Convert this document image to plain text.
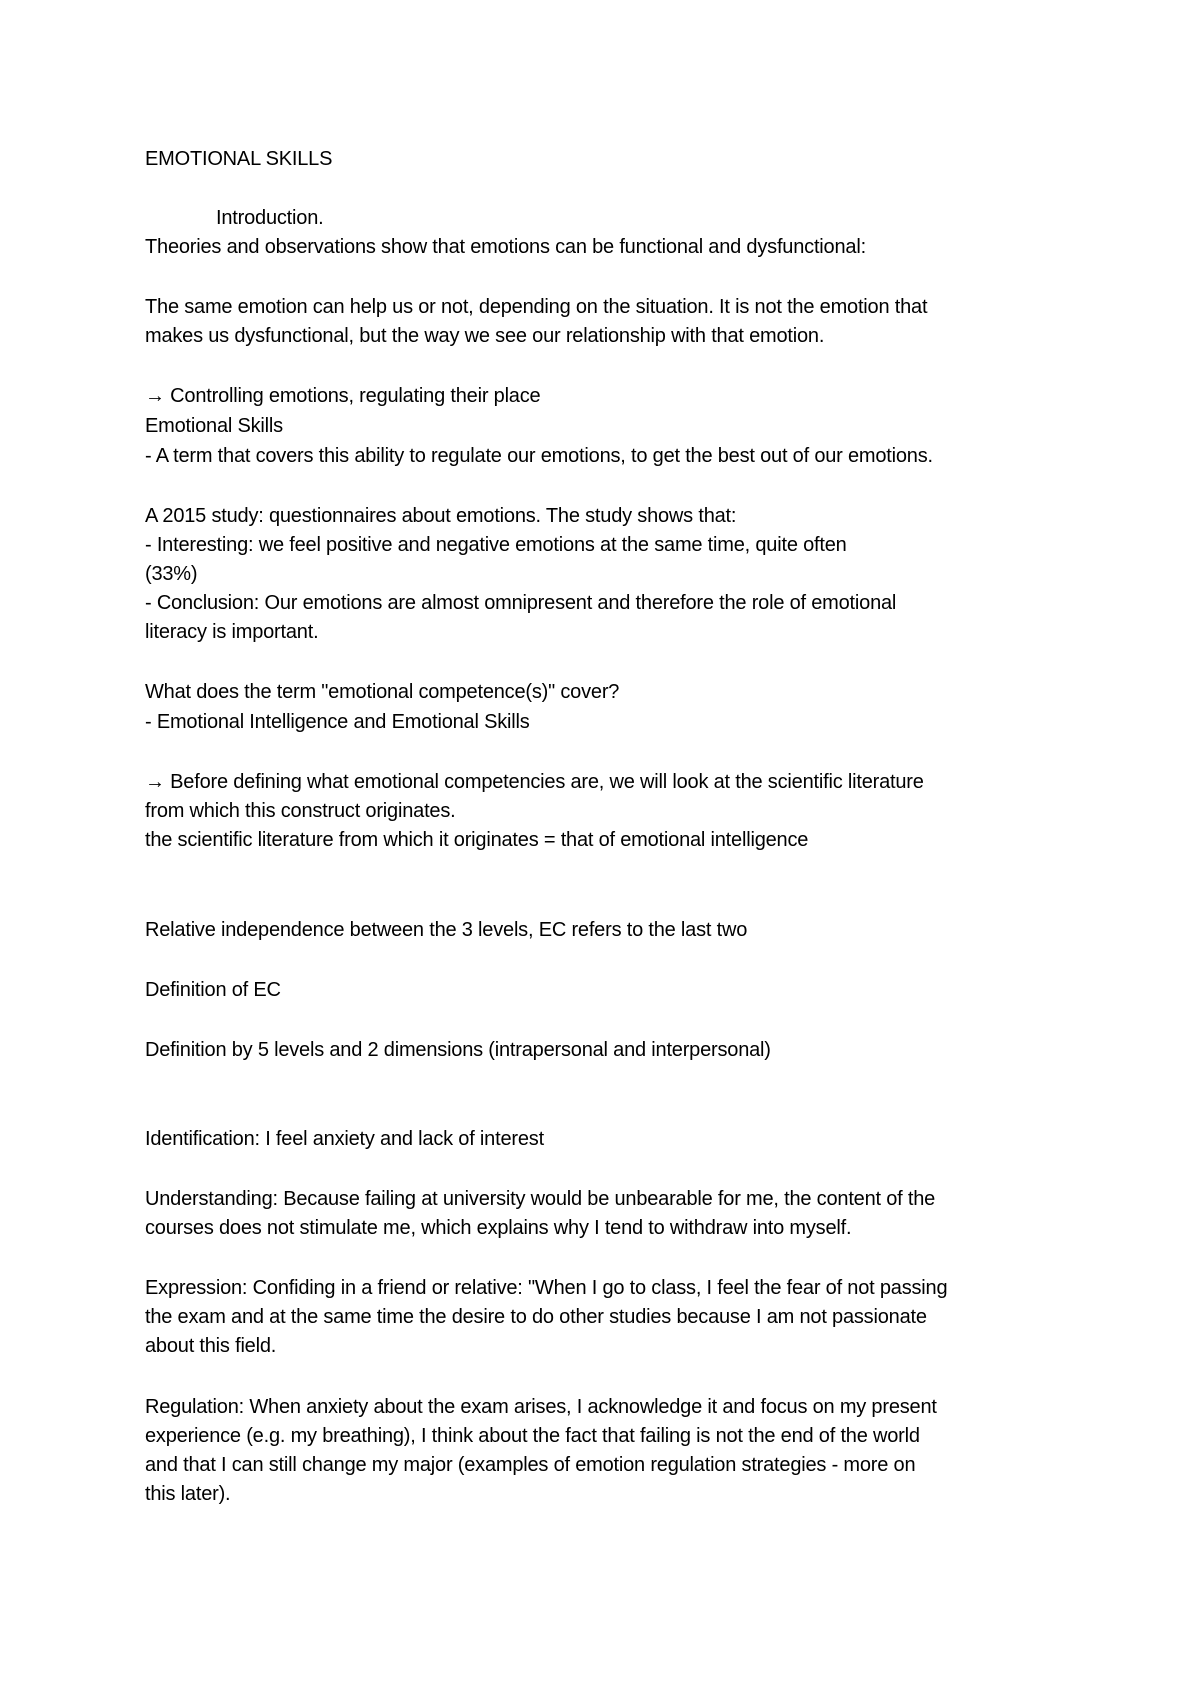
EMOTIONAL SKILLS
Introduction.
Theories and observations show that emotions can be functional and dysfunctional:
The same emotion can help us or not, depending on the situation. It is not the emotion that
makes us dysfunctional, but the way we see our relationship with that emotion.
→ Controlling emotions, regulating their place
Emotional Skills
- A term that covers this ability to regulate our emotions, to get the best out of our emotions.
A 2015 study: questionnaires about emotions. The study shows that:
- Interesting: we feel positive and negative emotions at the same time, quite often
(33%)
- Conclusion: Our emotions are almost omnipresent and therefore the role of emotional
literacy is important.
What does the term "emotional competence(s)" cover?
- Emotional Intelligence and Emotional Skills
→ Before defining what emotional competencies are, we will look at the scientific literature
from which this construct originates.
the scientific literature from which it originates = that of emotional intelligence
Relative independence between the 3 levels, EC refers to the last two
Definition of EC
Definition by 5 levels and 2 dimensions (intrapersonal and interpersonal)
Identification: I feel anxiety and lack of interest
Understanding: Because failing at university would be unbearable for me, the content of the
courses does not stimulate me, which explains why I tend to withdraw into myself.
Expression: Confiding in a friend or relative: "When I go to class, I feel the fear of not passing
the exam and at the same time the desire to do other studies because I am not passionate
about this field.
Regulation: When anxiety about the exam arises, I acknowledge it and focus on my present
experience (e.g. my breathing), I think about the fact that failing is not the end of the world
and that I can still change my major (examples of emotion regulation strategies - more on
this later).
